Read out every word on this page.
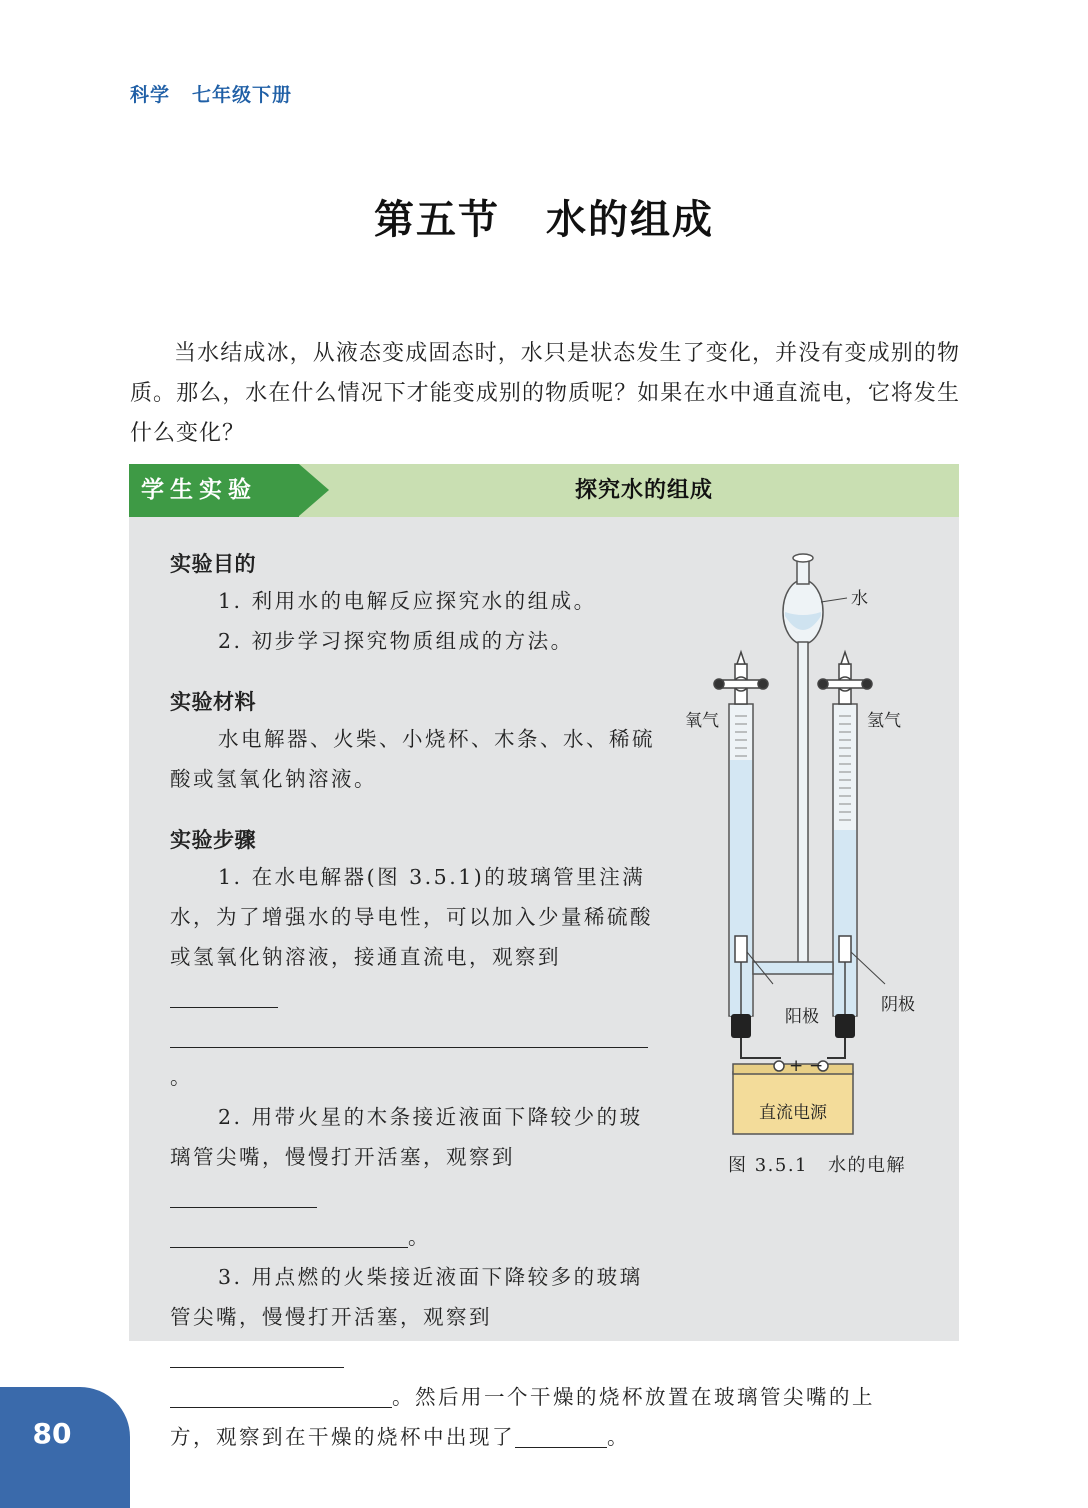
科学 七年级下册
第五节 水的组成

当水结成冰，从液态变成固态时，水只是状态发生了变化，并没有变成别的物质。那么，水在什么情况下才能变成别的物质呢？如果在水中通直流电，它将发生什么变化？

学生实验	探究水的组成
实验目的

1. 利用水的电解反应探究水的组成。

2. 初步学习探究物质组成的方法。

实验材料

水电解器、火柴、小烧杯、木条、水、稀硫酸或氢氧化钠溶液。

实验步骤

1. 在水电解器(图 3.5.1)的玻璃管里注满

水，为了增强水的导电性，可以加入少量稀硫酸

或氢氧化钠溶液，接通直流电，观察到

。

2. 用带火星的木条接近液面下降较少的玻

璃管尖嘴，慢慢打开活塞，观察到

。

3. 用点燃的火柴接近液面下降较多的玻璃

管尖嘴，慢慢打开活塞，观察到

。然后用一个干燥的烧杯放置在玻璃管尖嘴的上

方，观察到在干燥的烧杯中出现了	。

+ −
直流电源
水
氧气	氢气
阳极
阴极
图 3.5.1 水的电解
80
